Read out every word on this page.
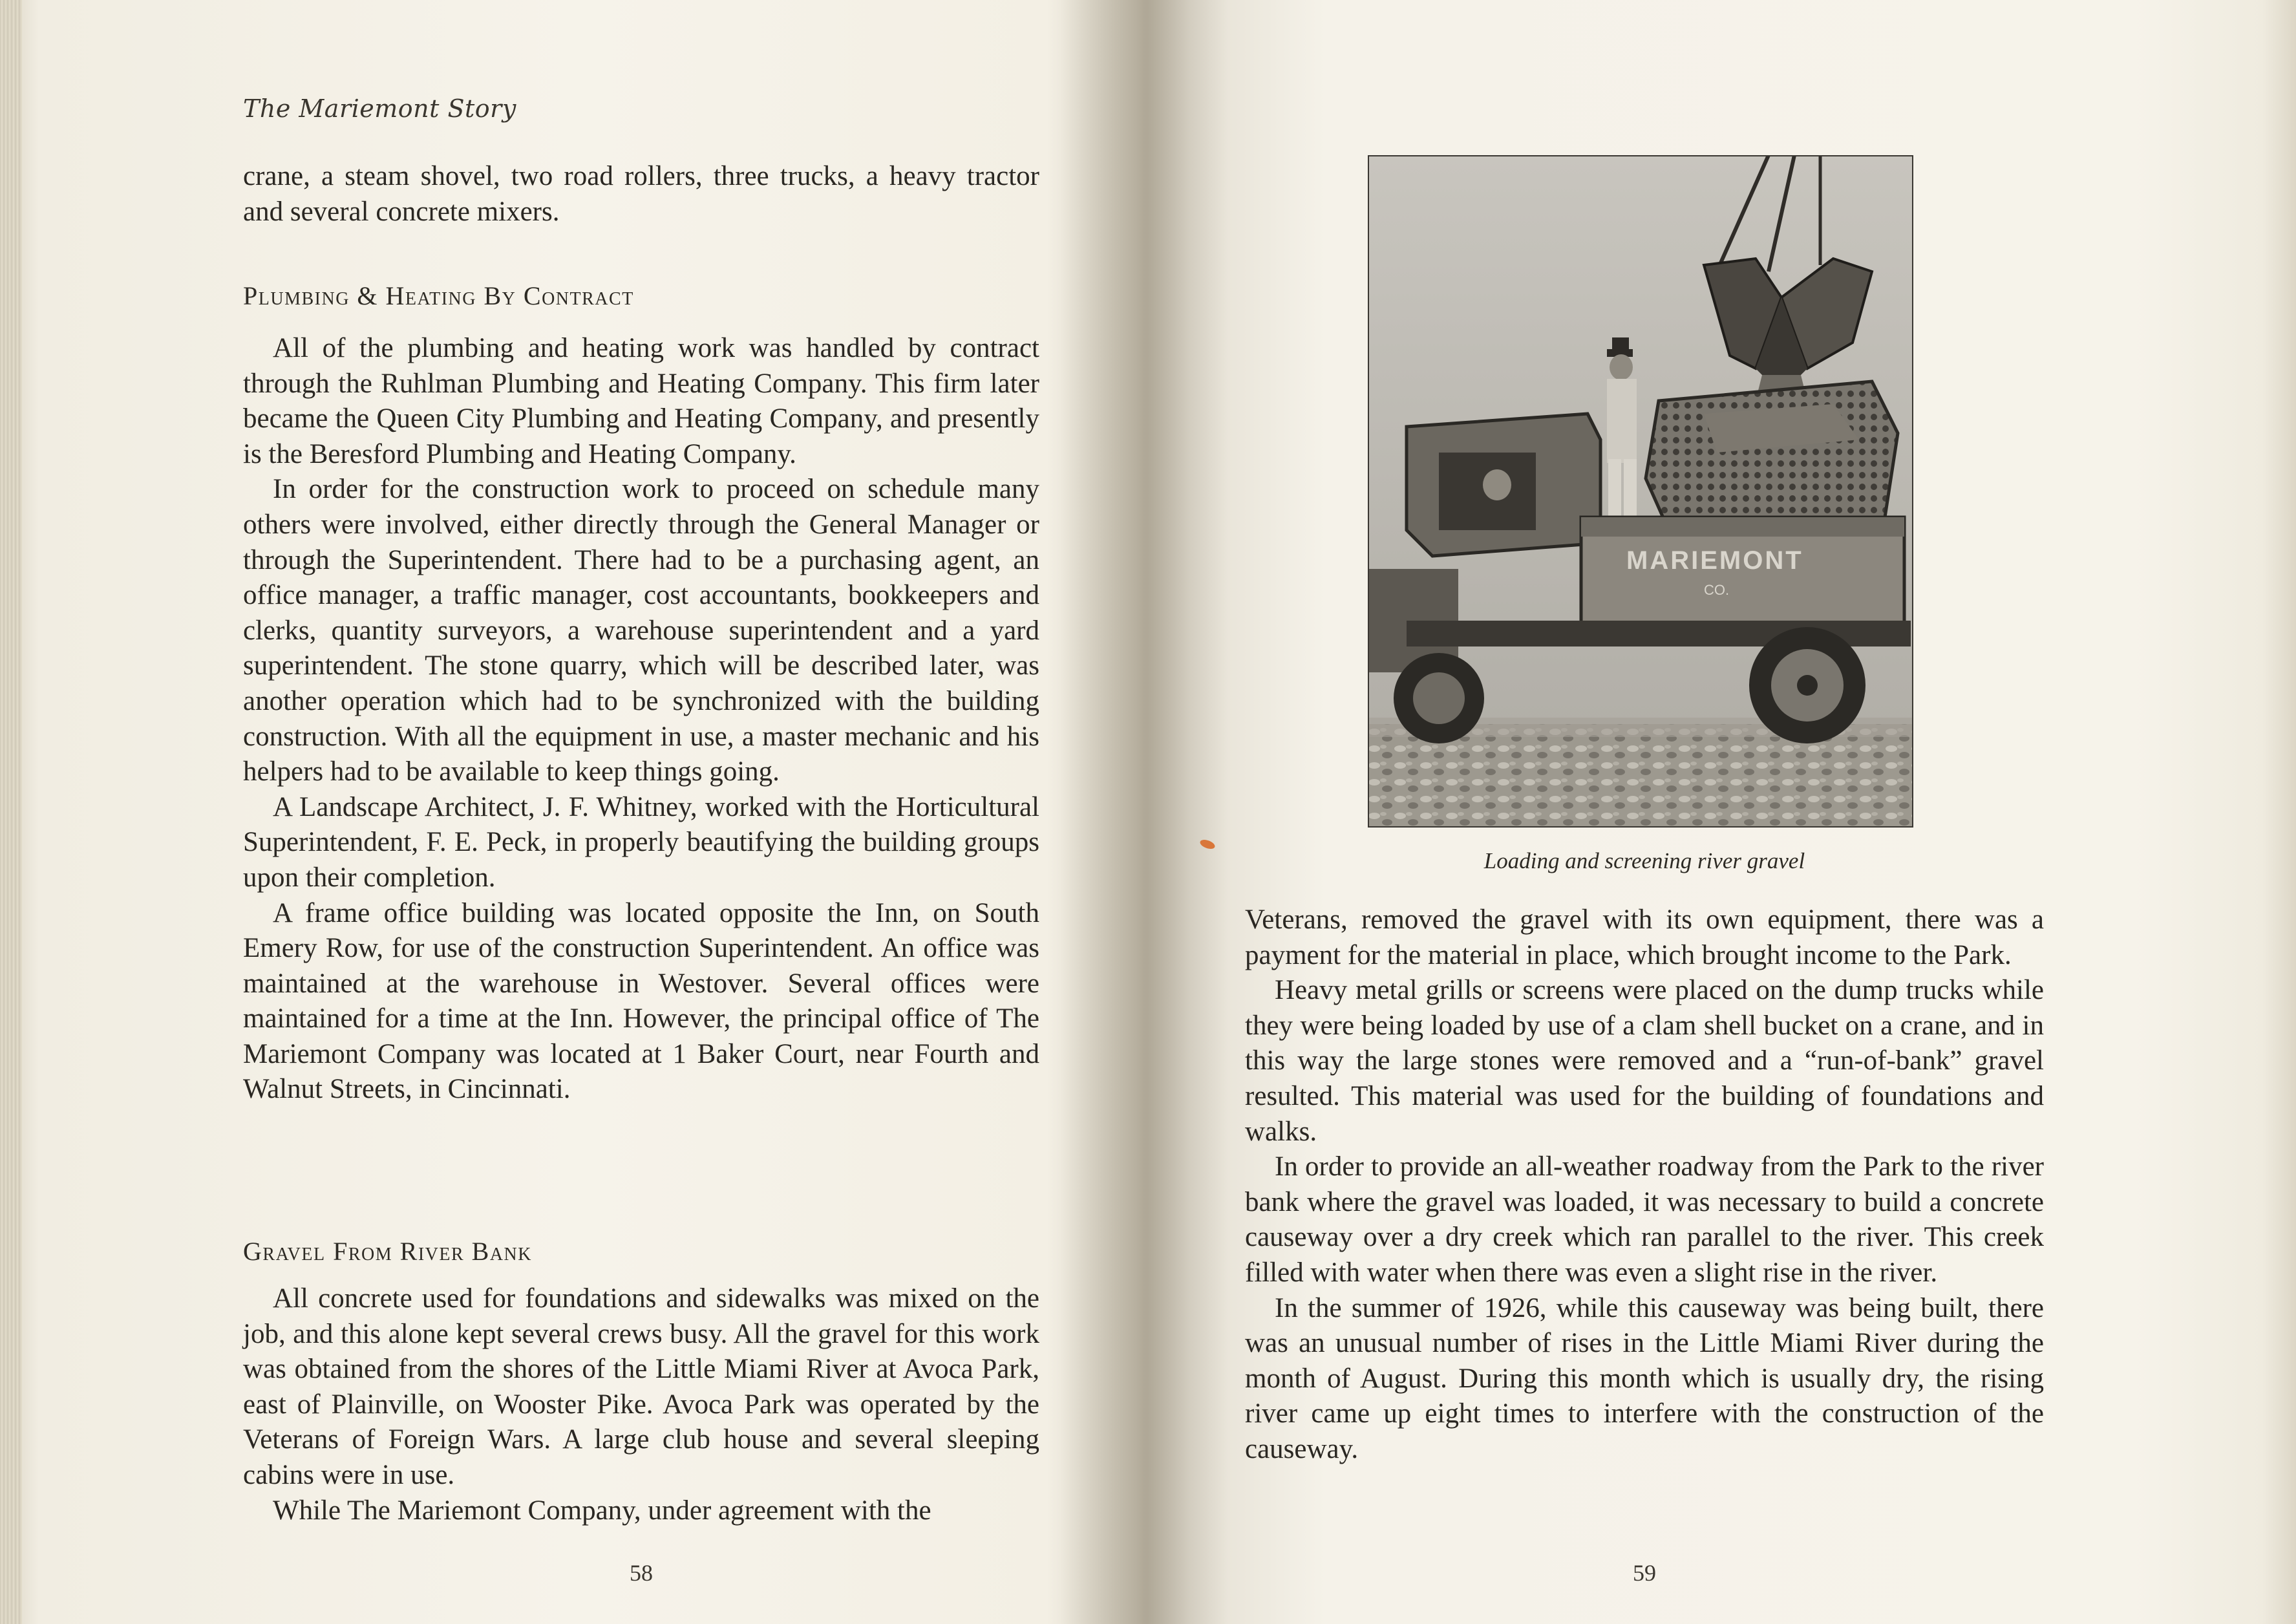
The Mariemont Story

crane, a steam shovel, two road rollers, three trucks, a heavy tractor and several concrete mixers.

Plumbing & Heating By Contract

All of the plumbing and heating work was handled by contract through the Ruhlman Plumbing and Heating Company. This firm later became the Queen City Plumbing and Heating Company, and presently is the Beresford Plumbing and Heating Company.

In order for the construction work to proceed on schedule many others were involved, either directly through the General Manager or through the Superintendent. There had to be a purchasing agent, an office manager, a traffic manager, cost accountants, bookkeepers and clerks, quantity surveyors, a warehouse superintendent and a yard superintendent. The stone quarry, which will be described later, was another operation which had to be synchronized with the building construction. With all the equipment in use, a master mechanic and his helpers had to be available to keep things going.

A Landscape Architect, J. F. Whitney, worked with the Horticultural Superintendent, F. E. Peck, in properly beautifying the building groups upon their completion.

A frame office building was located opposite the Inn, on South Emery Row, for use of the construction Superintendent. An office was maintained at the warehouse in Westover. Several offices were maintained for a time at the Inn. However, the principal office of The Mariemont Company was located at 1 Baker Court, near Fourth and Walnut Streets, in Cincinnati.

Gravel From River Bank

All concrete used for foundations and sidewalks was mixed on the job, and this alone kept several crews busy. All the gravel for this work was obtained from the shores of the Little Miami River at Avoca Park, east of Plainville, on Wooster Pike. Avoca Park was operated by the Veterans of Foreign Wars. A large club house and several sleeping cabins were in use.

While The Mariemont Company, under agreement with the

58
MARIEMONT
CO.
Loading and screening river gravel

Veterans, removed the gravel with its own equipment, there was a payment for the material in place, which brought income to the Park.

Heavy metal grills or screens were placed on the dump trucks while they were being loaded by use of a clam shell bucket on a crane, and in this way the large stones were removed and a “run-of-bank” gravel resulted. This material was used for the building of foundations and walks.

In order to provide an all-weather roadway from the Park to the river bank where the gravel was loaded, it was necessary to build a concrete causeway over a dry creek which ran parallel to the river. This creek filled with water when there was even a slight rise in the river.

In the summer of 1926, while this causeway was being built, there was an unusual number of rises in the Little Miami River during the month of August. During this month which is usually dry, the rising river came up eight times to interfere with the construction of the causeway.

59
